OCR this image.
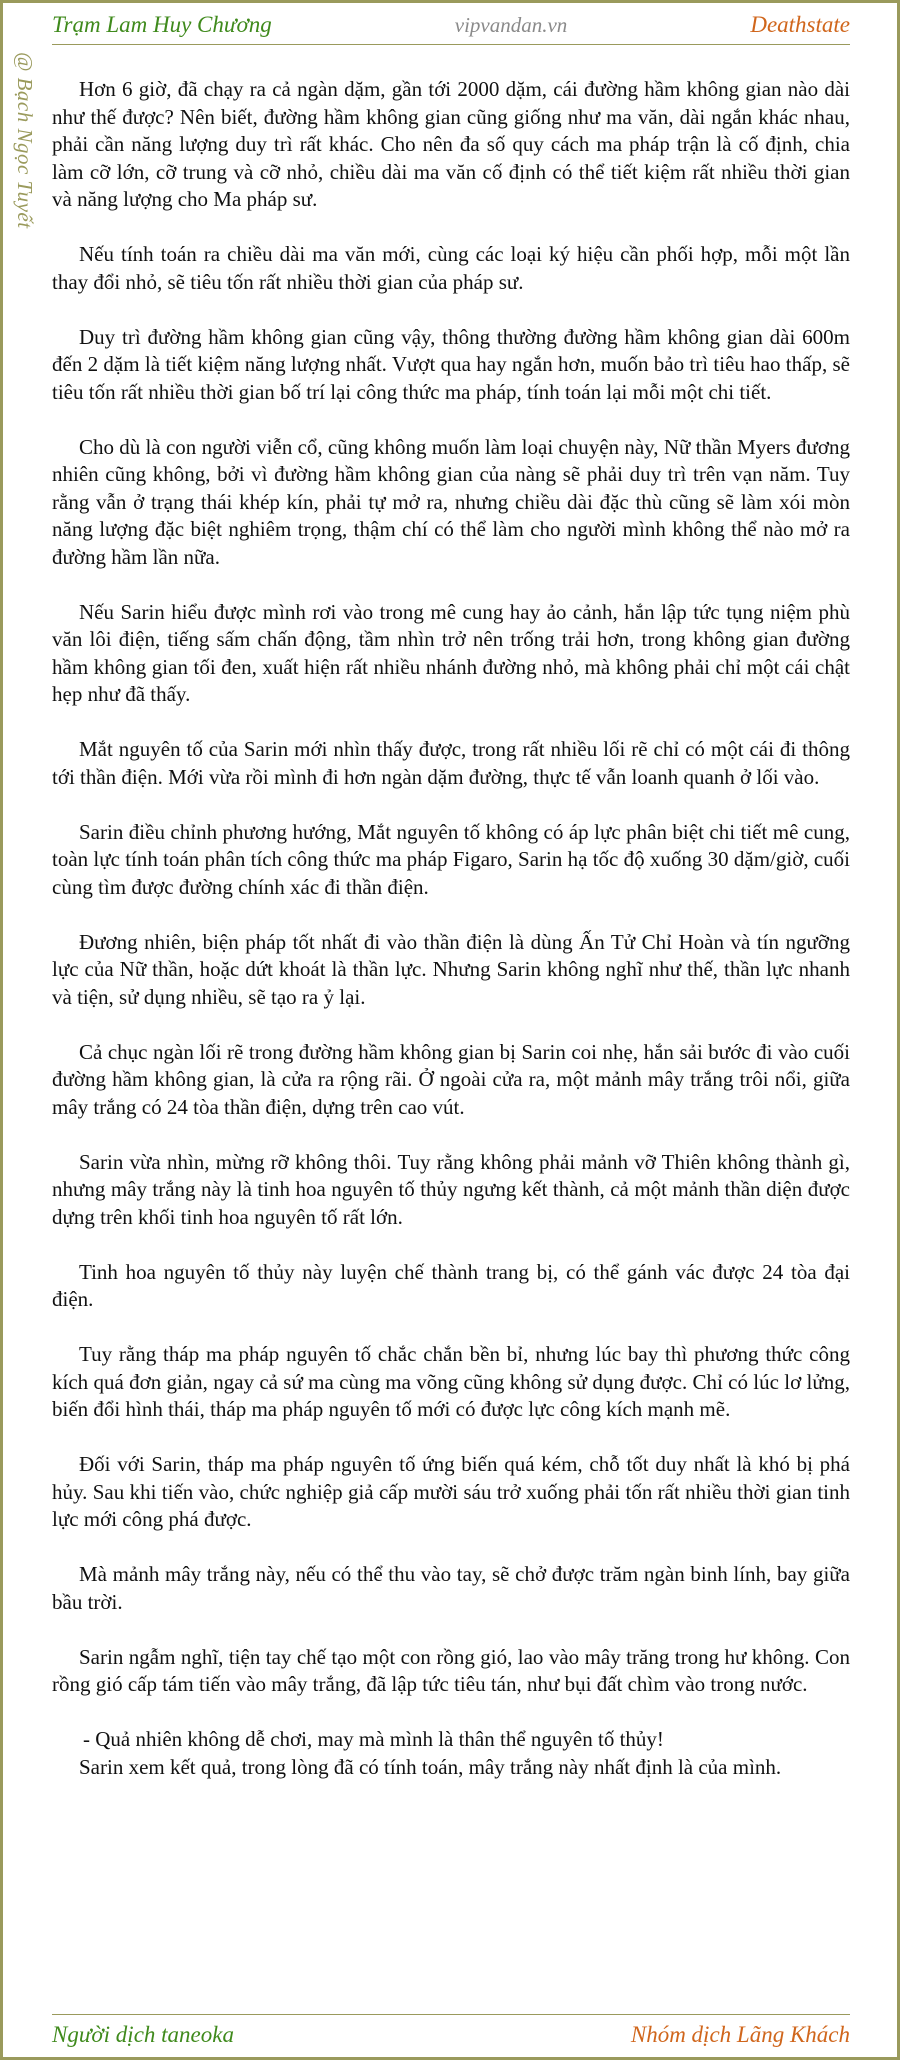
Trạm Lam Huy Chương	vipvandan.vn	Deathstate
@ Bạch Ngọc Tuyết	Hơn 6 giờ, đã chạy ra cả ngàn dặm, gần tới 2000 dặm, cái đường hầm không gian nào dài như thế được? Nên biết, đường hầm không gian cũng giống như ma văn, dài ngắn khác nhau, phải cần năng lượng duy trì rất khác. Cho nên đa số quy cách ma pháp trận là cố định, chia làm cỡ lớn, cỡ trung và cỡ nhỏ, chiều dài ma văn cố định có thể tiết kiệm rất nhiều thời gian và năng lượng cho Ma pháp sư.

Nếu tính toán ra chiều dài ma văn mới, cùng các loại ký hiệu cần phối hợp, mỗi một lần thay đổi nhỏ, sẽ tiêu tốn rất nhiều thời gian của pháp sư.

Duy trì đường hầm không gian cũng vậy, thông thường đường hầm không gian dài 600m đến 2 dặm là tiết kiệm năng lượng nhất. Vượt qua hay ngắn hơn, muốn bảo trì tiêu hao thấp, sẽ tiêu tốn rất nhiều thời gian bố trí lại công thức ma pháp, tính toán lại mỗi một chi tiết.

Cho dù là con người viễn cổ, cũng không muốn làm loại chuyện này, Nữ thần Myers đương nhiên cũng không, bởi vì đường hầm không gian của nàng sẽ phải duy trì trên vạn năm. Tuy rằng vẫn ở trạng thái khép kín, phải tự mở ra, nhưng chiều dài đặc thù cũng sẽ làm xói mòn năng lượng đặc biệt nghiêm trọng, thậm chí có thể làm cho người mình không thể nào mở ra đường hầm lần nữa.

Nếu Sarin hiểu được mình rơi vào trong mê cung hay ảo cảnh, hắn lập tức tụng niệm phù văn lôi điện, tiếng sấm chấn động, tầm nhìn trở nên trống trải hơn, trong không gian đường hầm không gian tối đen, xuất hiện rất nhiều nhánh đường nhỏ, mà không phải chỉ một cái chật hẹp như đã thấy.

Mắt nguyên tố của Sarin mới nhìn thấy được, trong rất nhiều lối rẽ chỉ có một cái đi thông tới thần điện. Mới vừa rồi mình đi hơn ngàn dặm đường, thực tế vẫn loanh quanh ở lối vào.

Sarin điều chỉnh phương hướng, Mắt nguyên tố không có áp lực phân biệt chi tiết mê cung, toàn lực tính toán phân tích công thức ma pháp Figaro, Sarin hạ tốc độ xuống 30 dặm/giờ, cuối cùng tìm được đường chính xác đi thần điện.

Đương nhiên, biện pháp tốt nhất đi vào thần điện là dùng Ấn Tử Chỉ Hoàn và tín ngưỡng lực của Nữ thần, hoặc dứt khoát là thần lực. Nhưng Sarin không nghĩ như thế, thần lực nhanh và tiện, sử dụng nhiều, sẽ tạo ra ỷ lại.

Cả chục ngàn lối rẽ trong đường hầm không gian bị Sarin coi nhẹ, hắn sải bước đi vào cuối đường hầm không gian, là cửa ra rộng rãi. Ở ngoài cửa ra, một mảnh mây trắng trôi nổi, giữa mây trắng có 24 tòa thần điện, dựng trên cao vút.

Sarin vừa nhìn, mừng rỡ không thôi. Tuy rằng không phải mảnh vỡ Thiên không thành gì, nhưng mây trắng này là tinh hoa nguyên tố thủy ngưng kết thành, cả một mảnh thần diện được dựng trên khối tinh hoa nguyên tố rất lớn.

Tinh hoa nguyên tố thủy này luyện chế thành trang bị, có thể gánh vác được 24 tòa đại điện.

Tuy rằng tháp ma pháp nguyên tố chắc chắn bền bỉ, nhưng lúc bay thì phương thức công kích quá đơn giản, ngay cả sứ ma cùng ma võng cũng không sử dụng được. Chỉ có lúc lơ lửng, biến đổi hình thái, tháp ma pháp nguyên tố mới có được lực công kích mạnh mẽ.

Đối với Sarin, tháp ma pháp nguyên tố ứng biến quá kém, chỗ tốt duy nhất là khó bị phá hủy. Sau khi tiến vào, chức nghiệp giả cấp mười sáu trở xuống phải tốn rất nhiều thời gian tinh lực mới công phá được.

Mà mảnh mây trắng này, nếu có thể thu vào tay, sẽ chở được trăm ngàn binh lính, bay giữa bầu trời.

Sarin ngẫm nghĩ, tiện tay chế tạo một con rồng gió, lao vào mây trăng trong hư không. Con rồng gió cấp tám tiến vào mây trắng, đã lập tức tiêu tán, như bụi đất chìm vào trong nước.

- Quả nhiên không dễ chơi, may mà mình là thân thể nguyên tố thủy!

Sarin xem kết quả, trong lòng đã có tính toán, mây trắng này nhất định là của mình.

Người dịch taneoka	Nhóm dịch Lãng Khách
